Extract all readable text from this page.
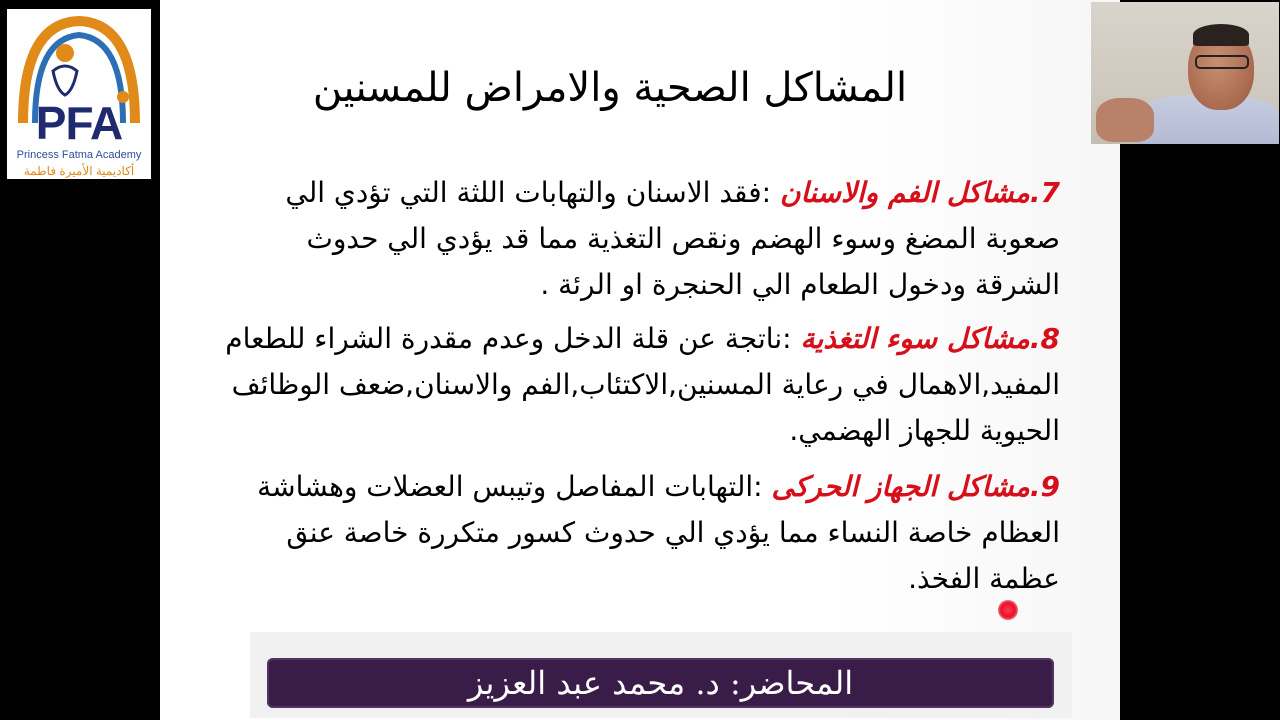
PFA
Princess Fatma Academy
أكاديمية الأميرة فاطمة
المشاكل الصحية والامراض للمسنين
7.مشاكل الفم والاسنان :فقد الاسنان والتهابات اللثة التي تؤدي الي صعوبة المضغ وسوء الهضم ونقص التغذية مما قد يؤدي الي حدوث الشرقة ودخول الطعام الي الحنجرة او الرئة .
8.مشاكل سوء التغذية :ناتجة عن قلة الدخل وعدم مقدرة الشراء للطعام المفيد,الاهمال في رعاية المسنين,الاكتئاب,الفم والاسنان,ضعف الوظائف الحيوية للجهاز الهضمي.
9.مشاكل الجهاز الحركى :التهابات المفاصل وتيبس العضلات وهشاشة العظام خاصة النساء مما يؤدي الي حدوث كسور متكررة خاصة عنق عظمة الفخذ.
المحاضر: د. محمد عبد العزيز
